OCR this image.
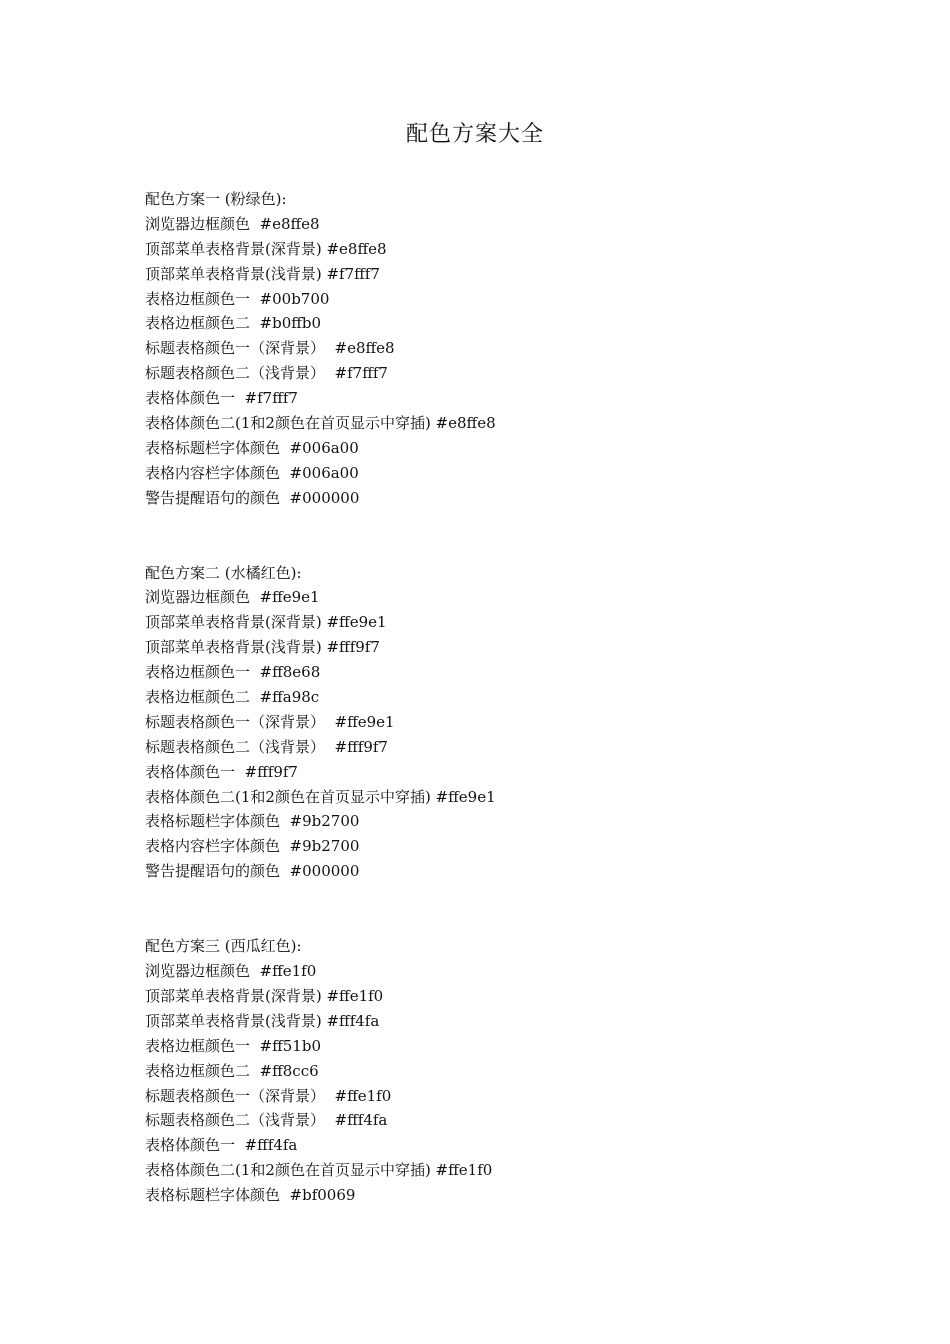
配色方案大全
配色方案一 (粉绿色):
浏览器边框颜色  #e8ffe8
顶部菜单表格背景(深背景) #e8ffe8
顶部菜单表格背景(浅背景) #f7fff7
表格边框颜色一  #00b700
表格边框颜色二  #b0ffb0
标题表格颜色一（深背景）  #e8ffe8
标题表格颜色二（浅背景）  #f7fff7
表格体颜色一  #f7fff7
表格体颜色二(1和2颜色在首页显示中穿插) #e8ffe8
表格标题栏字体颜色  #006a00
表格内容栏字体颜色  #006a00
警告提醒语句的颜色  #000000
配色方案二 (水橘红色):
浏览器边框颜色  #ffe9e1
顶部菜单表格背景(深背景) #ffe9e1
顶部菜单表格背景(浅背景) #fff9f7
表格边框颜色一  #ff8e68
表格边框颜色二  #ffa98c
标题表格颜色一（深背景）  #ffe9e1
标题表格颜色二（浅背景）  #fff9f7
表格体颜色一  #fff9f7
表格体颜色二(1和2颜色在首页显示中穿插) #ffe9e1
表格标题栏字体颜色  #9b2700
表格内容栏字体颜色  #9b2700
警告提醒语句的颜色  #000000
配色方案三 (西瓜红色):
浏览器边框颜色  #ffe1f0
顶部菜单表格背景(深背景) #ffe1f0
顶部菜单表格背景(浅背景) #fff4fa
表格边框颜色一  #ff51b0
表格边框颜色二  #ff8cc6
标题表格颜色一（深背景）  #ffe1f0
标题表格颜色二（浅背景）  #fff4fa
表格体颜色一  #fff4fa
表格体颜色二(1和2颜色在首页显示中穿插) #ffe1f0
表格标题栏字体颜色  #bf0069
